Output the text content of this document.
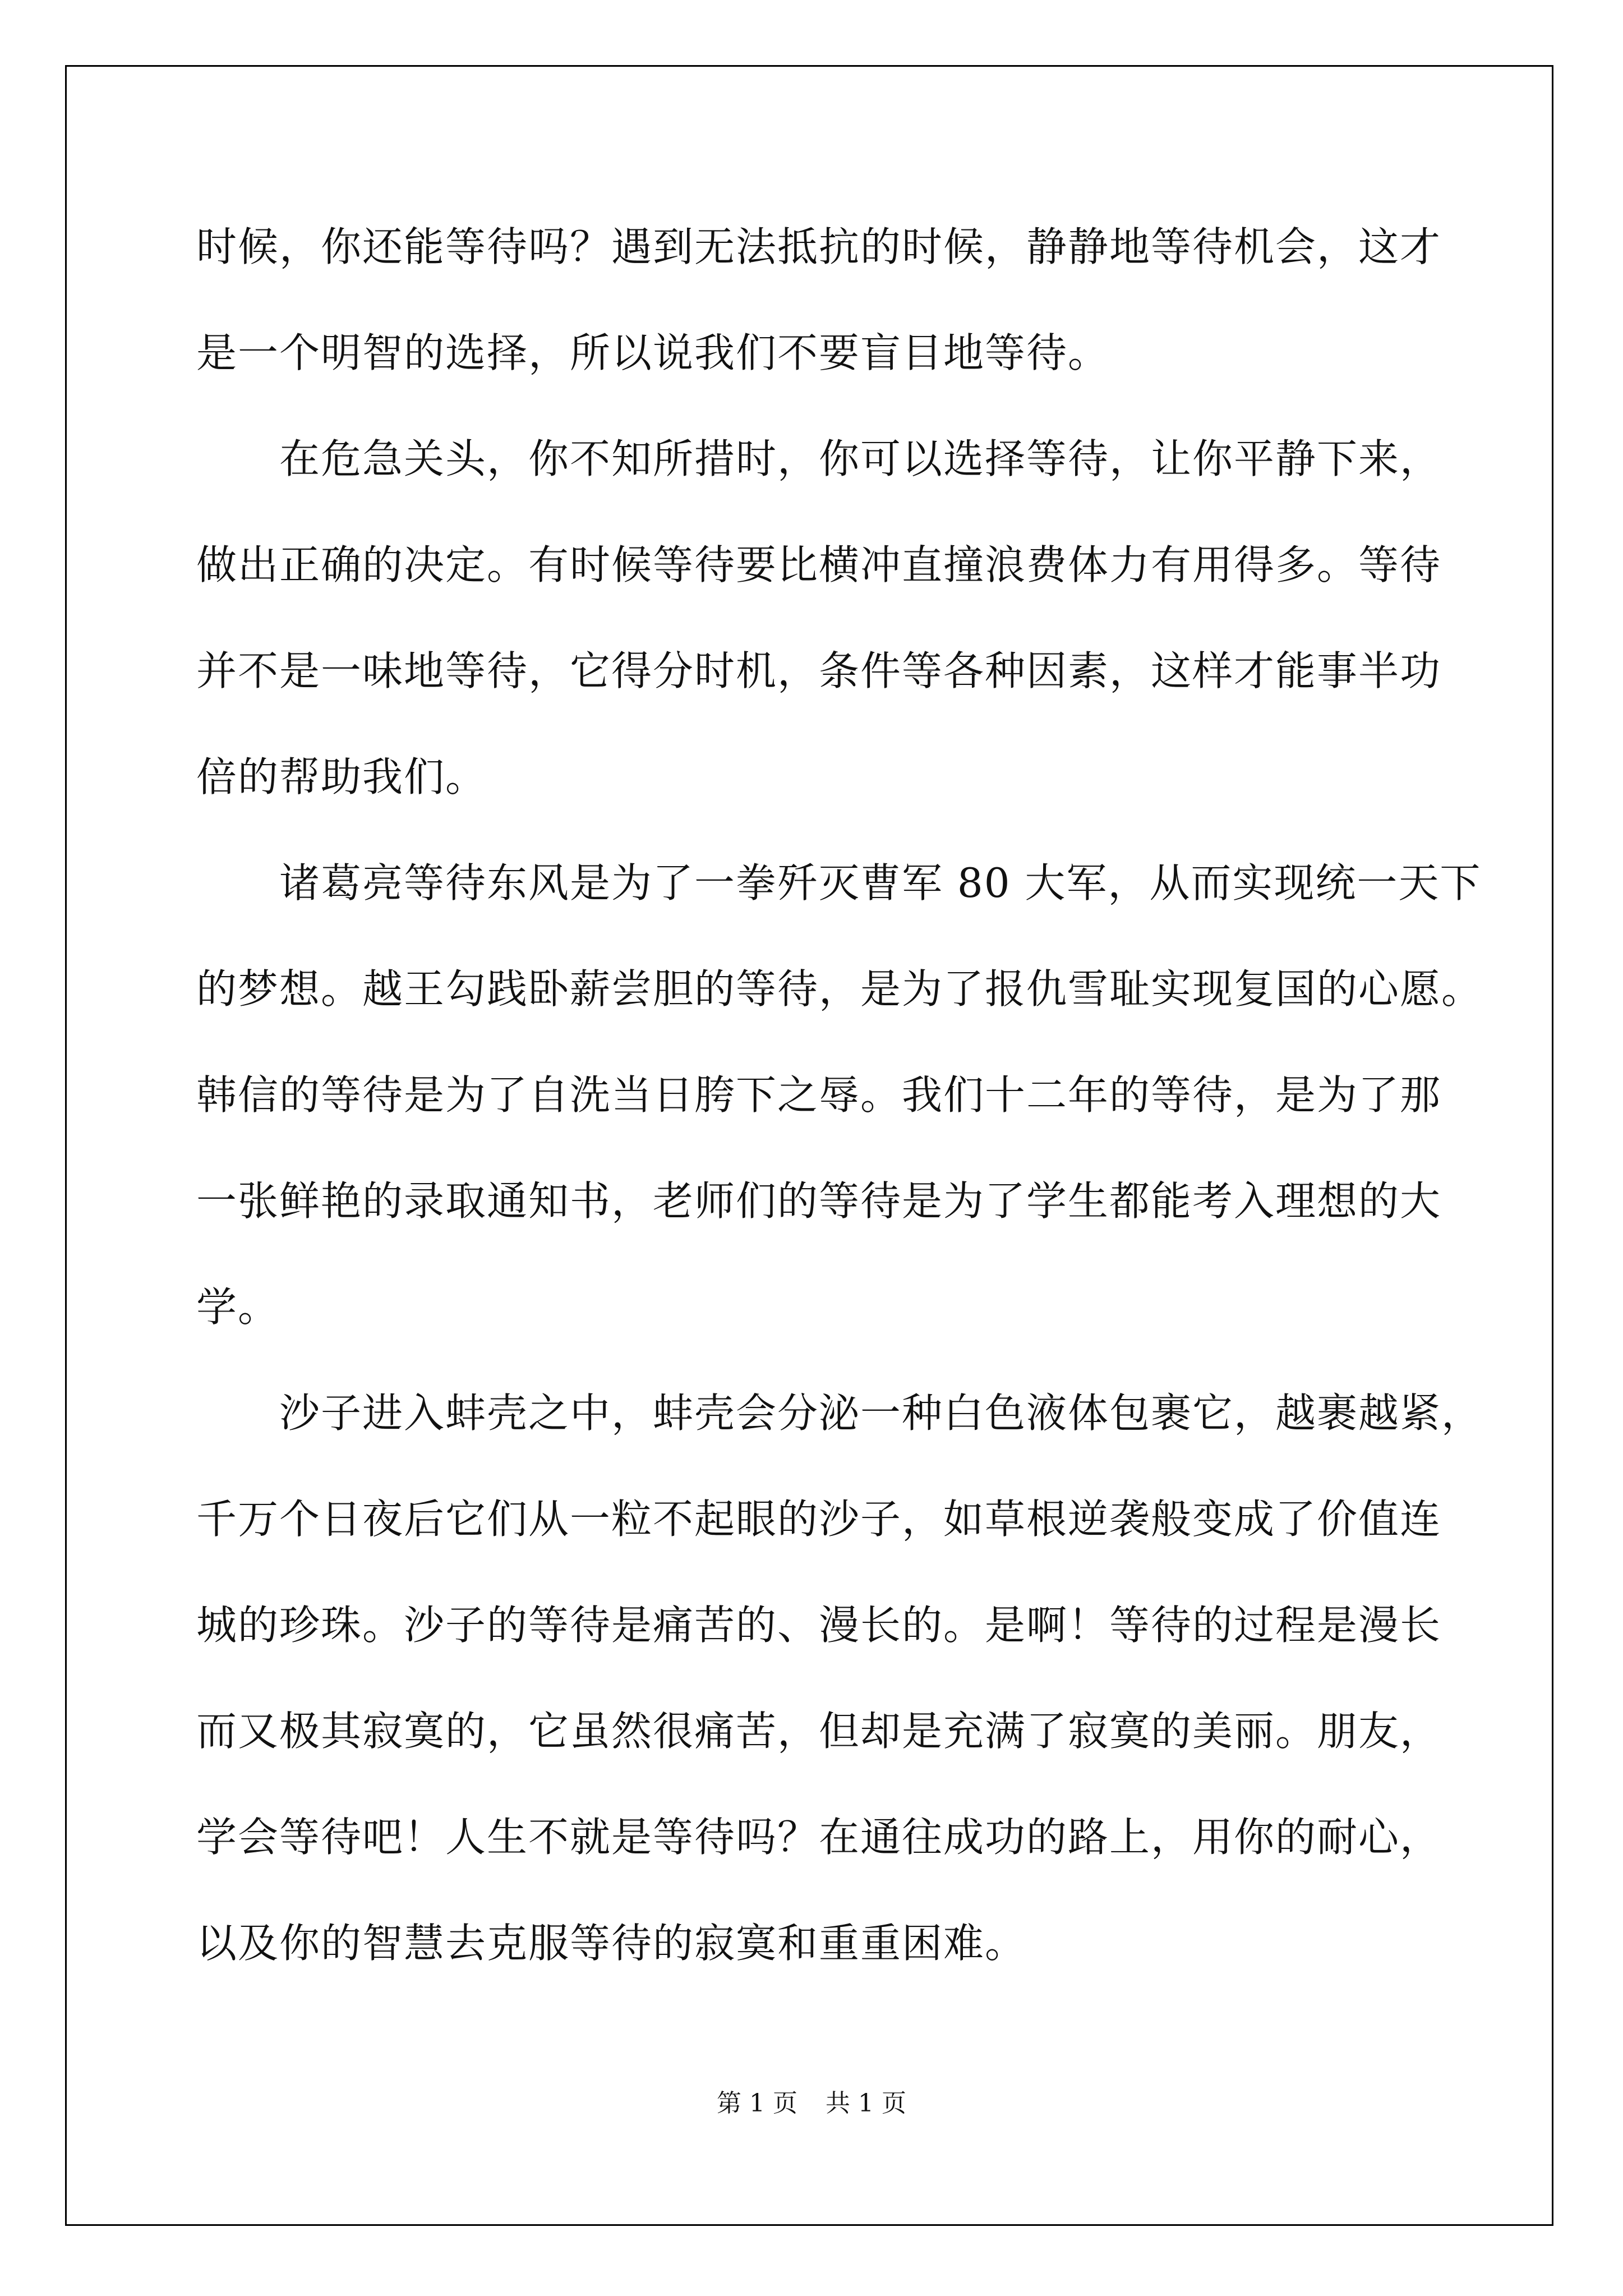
时候，你还能等待吗？遇到无法抵抗的时候，静静地等待机会，这才
是一个明智的选择，所以说我们不要盲目地等待。
在危急关头，你不知所措时，你可以选择等待，让你平静下来，
做出正确的决定。有时候等待要比横冲直撞浪费体力有用得多。等待
并不是一味地等待，它得分时机，条件等各种因素，这样才能事半功
倍的帮助我们。
诸葛亮等待东风是为了一拳歼灭曹军 80 大军，从而实现统一天下
的梦想。越王勾践卧薪尝胆的等待，是为了报仇雪耻实现复国的心愿。
韩信的等待是为了自洗当日胯下之辱。我们十二年的等待，是为了那
一张鲜艳的录取通知书，老师们的等待是为了学生都能考入理想的大
学。
沙子进入蚌壳之中，蚌壳会分泌一种白色液体包裹它，越裹越紧，
千万个日夜后它们从一粒不起眼的沙子，如草根逆袭般变成了价值连
城的珍珠。沙子的等待是痛苦的、漫长的。是啊！等待的过程是漫长
而又极其寂寞的，它虽然很痛苦，但却是充满了寂寞的美丽。朋友，
学会等待吧！人生不就是等待吗？在通往成功的路上，用你的耐心，
以及你的智慧去克服等待的寂寞和重重困难。
第 1 页 共 1 页
